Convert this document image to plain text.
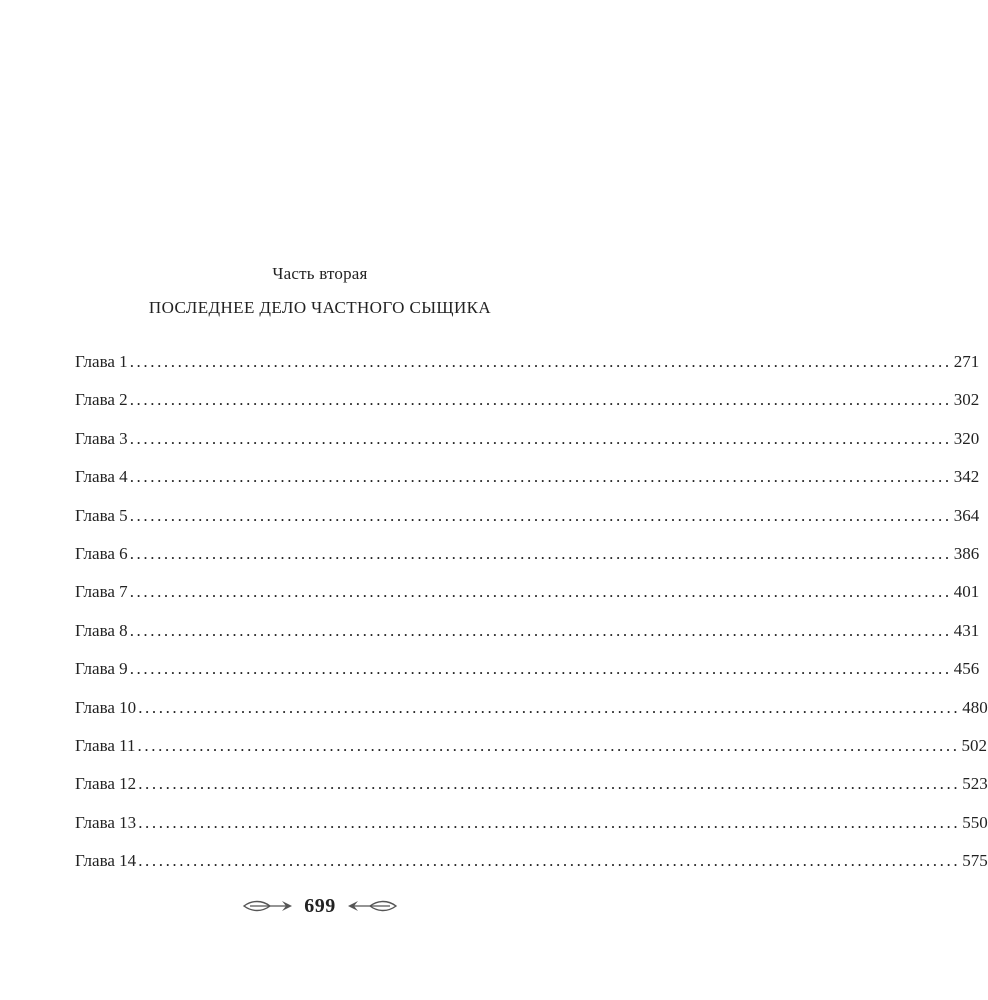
Часть вторая
ПОСЛЕДНЕЕ ДЕЛО ЧАСТНОГО СЫЩИКА
Глава 1 ........................................................................................................................ 271
Глава 2 ........................................................................................................................ 302
Глава 3 ........................................................................................................................ 320
Глава 4 ........................................................................................................................ 342
Глава 5 ........................................................................................................................ 364
Глава 6 ........................................................................................................................ 386
Глава 7 ........................................................................................................................ 401
Глава 8 ........................................................................................................................ 431
Глава 9 ........................................................................................................................ 456
Глава 10 ........................................................................................................................ 480
Глава 11 ........................................................................................................................ 502
Глава 12 ........................................................................................................................ 523
Глава 13 ........................................................................................................................ 550
Глава 14 ........................................................................................................................ 575
699
